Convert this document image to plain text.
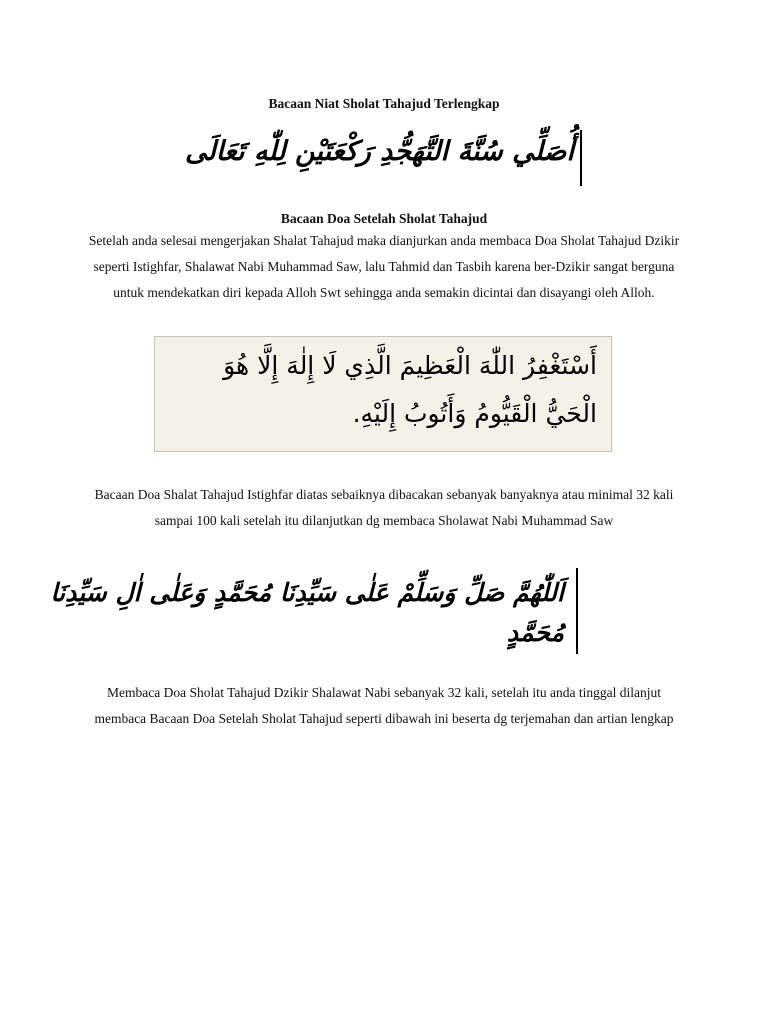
Bacaan Niat Sholat Tahajud Terlengkap
أُصَلِّي سُنَّةَ التَّهَجُّدِ رَكْعَتَيْنِ لِلّٰهِ تَعَالَى
Bacaan Doa Setelah Sholat Tahajud
Setelah anda selesai mengerjakan Shalat Tahajud maka dianjurkan anda membaca Doa Sholat Tahajud Dzikir seperti Istighfar, Shalawat Nabi Muhammad Saw, lalu Tahmid dan Tasbih karena ber-Dzikir sangat berguna untuk mendekatkan diri kepada Alloh Swt sehingga anda semakin dicintai dan disayangi oleh Alloh.
أَسْتَغْفِرُ اللّٰهَ الْعَظِيمَ الَّذِي لَا إِلٰهَ إِلَّا هُوَ
الْحَيُّ الْقَيُّومُ وَأَتُوبُ إِلَيْهِ.
Bacaan Doa Shalat Tahajud Istighfar diatas sebaiknya dibacakan sebanyak banyaknya atau minimal 32 kali sampai 100 kali setelah itu dilanjutkan dg membaca Sholawat Nabi Muhammad Saw
اَللّٰهُمَّ صَلِّ وَسَلِّمْ عَلٰى سَيِّدِنَا مُحَمَّدٍ وَعَلٰى اٰلِ سَيِّدِنَا
مُحَمَّدٍ
Membaca Doa Sholat Tahajud Dzikir Shalawat Nabi sebanyak 32 kali, setelah itu anda tinggal dilanjut membaca Bacaan Doa Setelah Sholat Tahajud seperti dibawah ini beserta dg terjemahan dan artian lengkap
